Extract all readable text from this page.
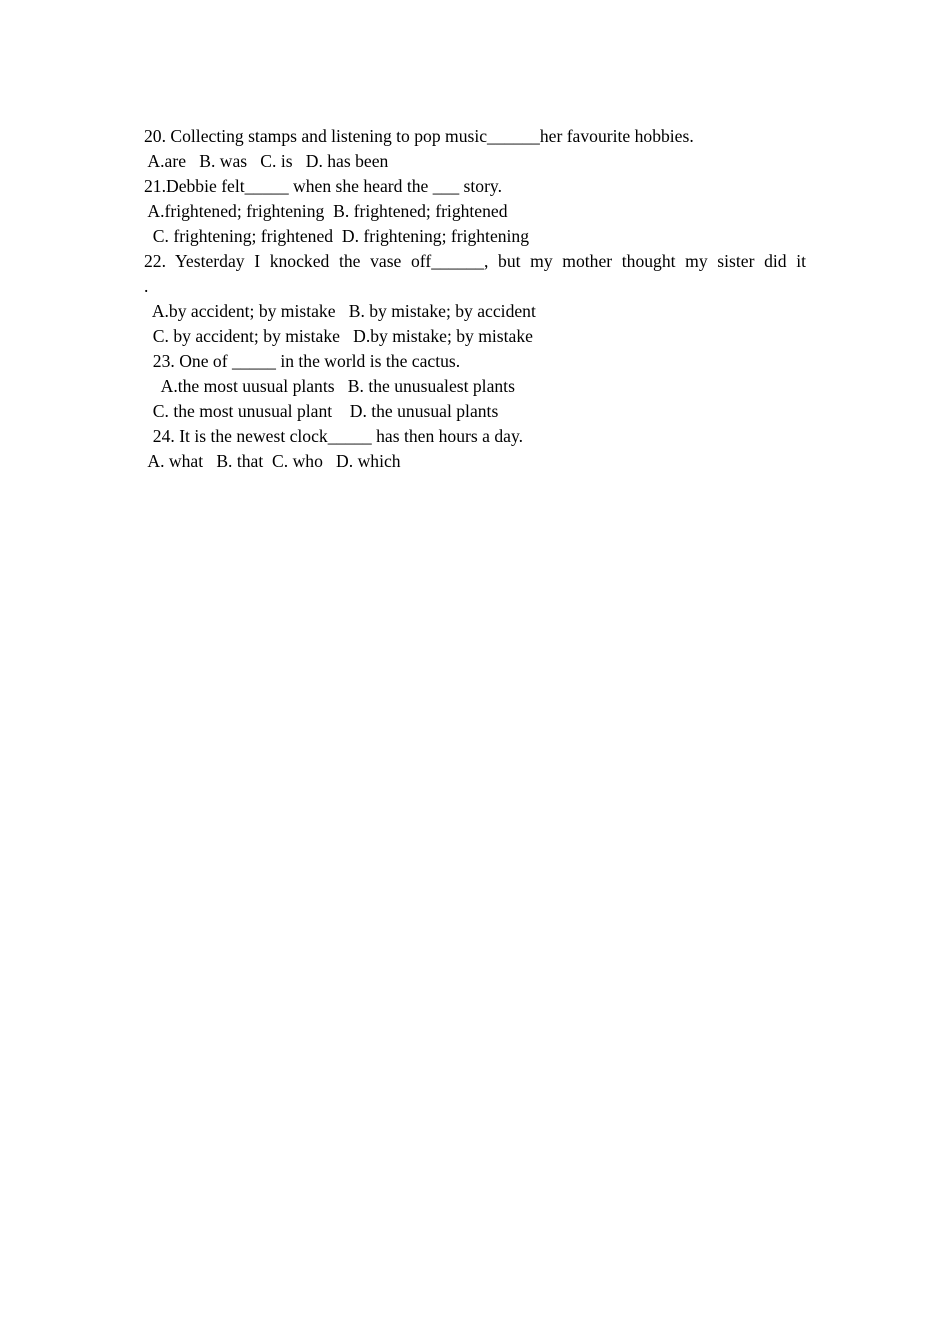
20. Collecting stamps and listening to pop music______her favourite hobbies.
A.are   B. was   C. is   D. has been
21.Debbie felt_____ when she heard the ___ story.
A.frightened; frightening  B. frightened; frightened
C. frightening; frightened  D. frightening; frightening
22. Yesterday I knocked the vase off______, but my mother thought my sister did it
.
A.by accident; by mistake   B. by mistake; by accident
C. by accident; by mistake   D.by mistake; by mistake
23. One of _____ in the world is the cactus.
A.the most uusual plants   B. the unusualest plants
C. the most unusual plant    D. the unusual plants
24. It is the newest clock_____ has then hours a day.
A. what   B. that  C. who   D. which
